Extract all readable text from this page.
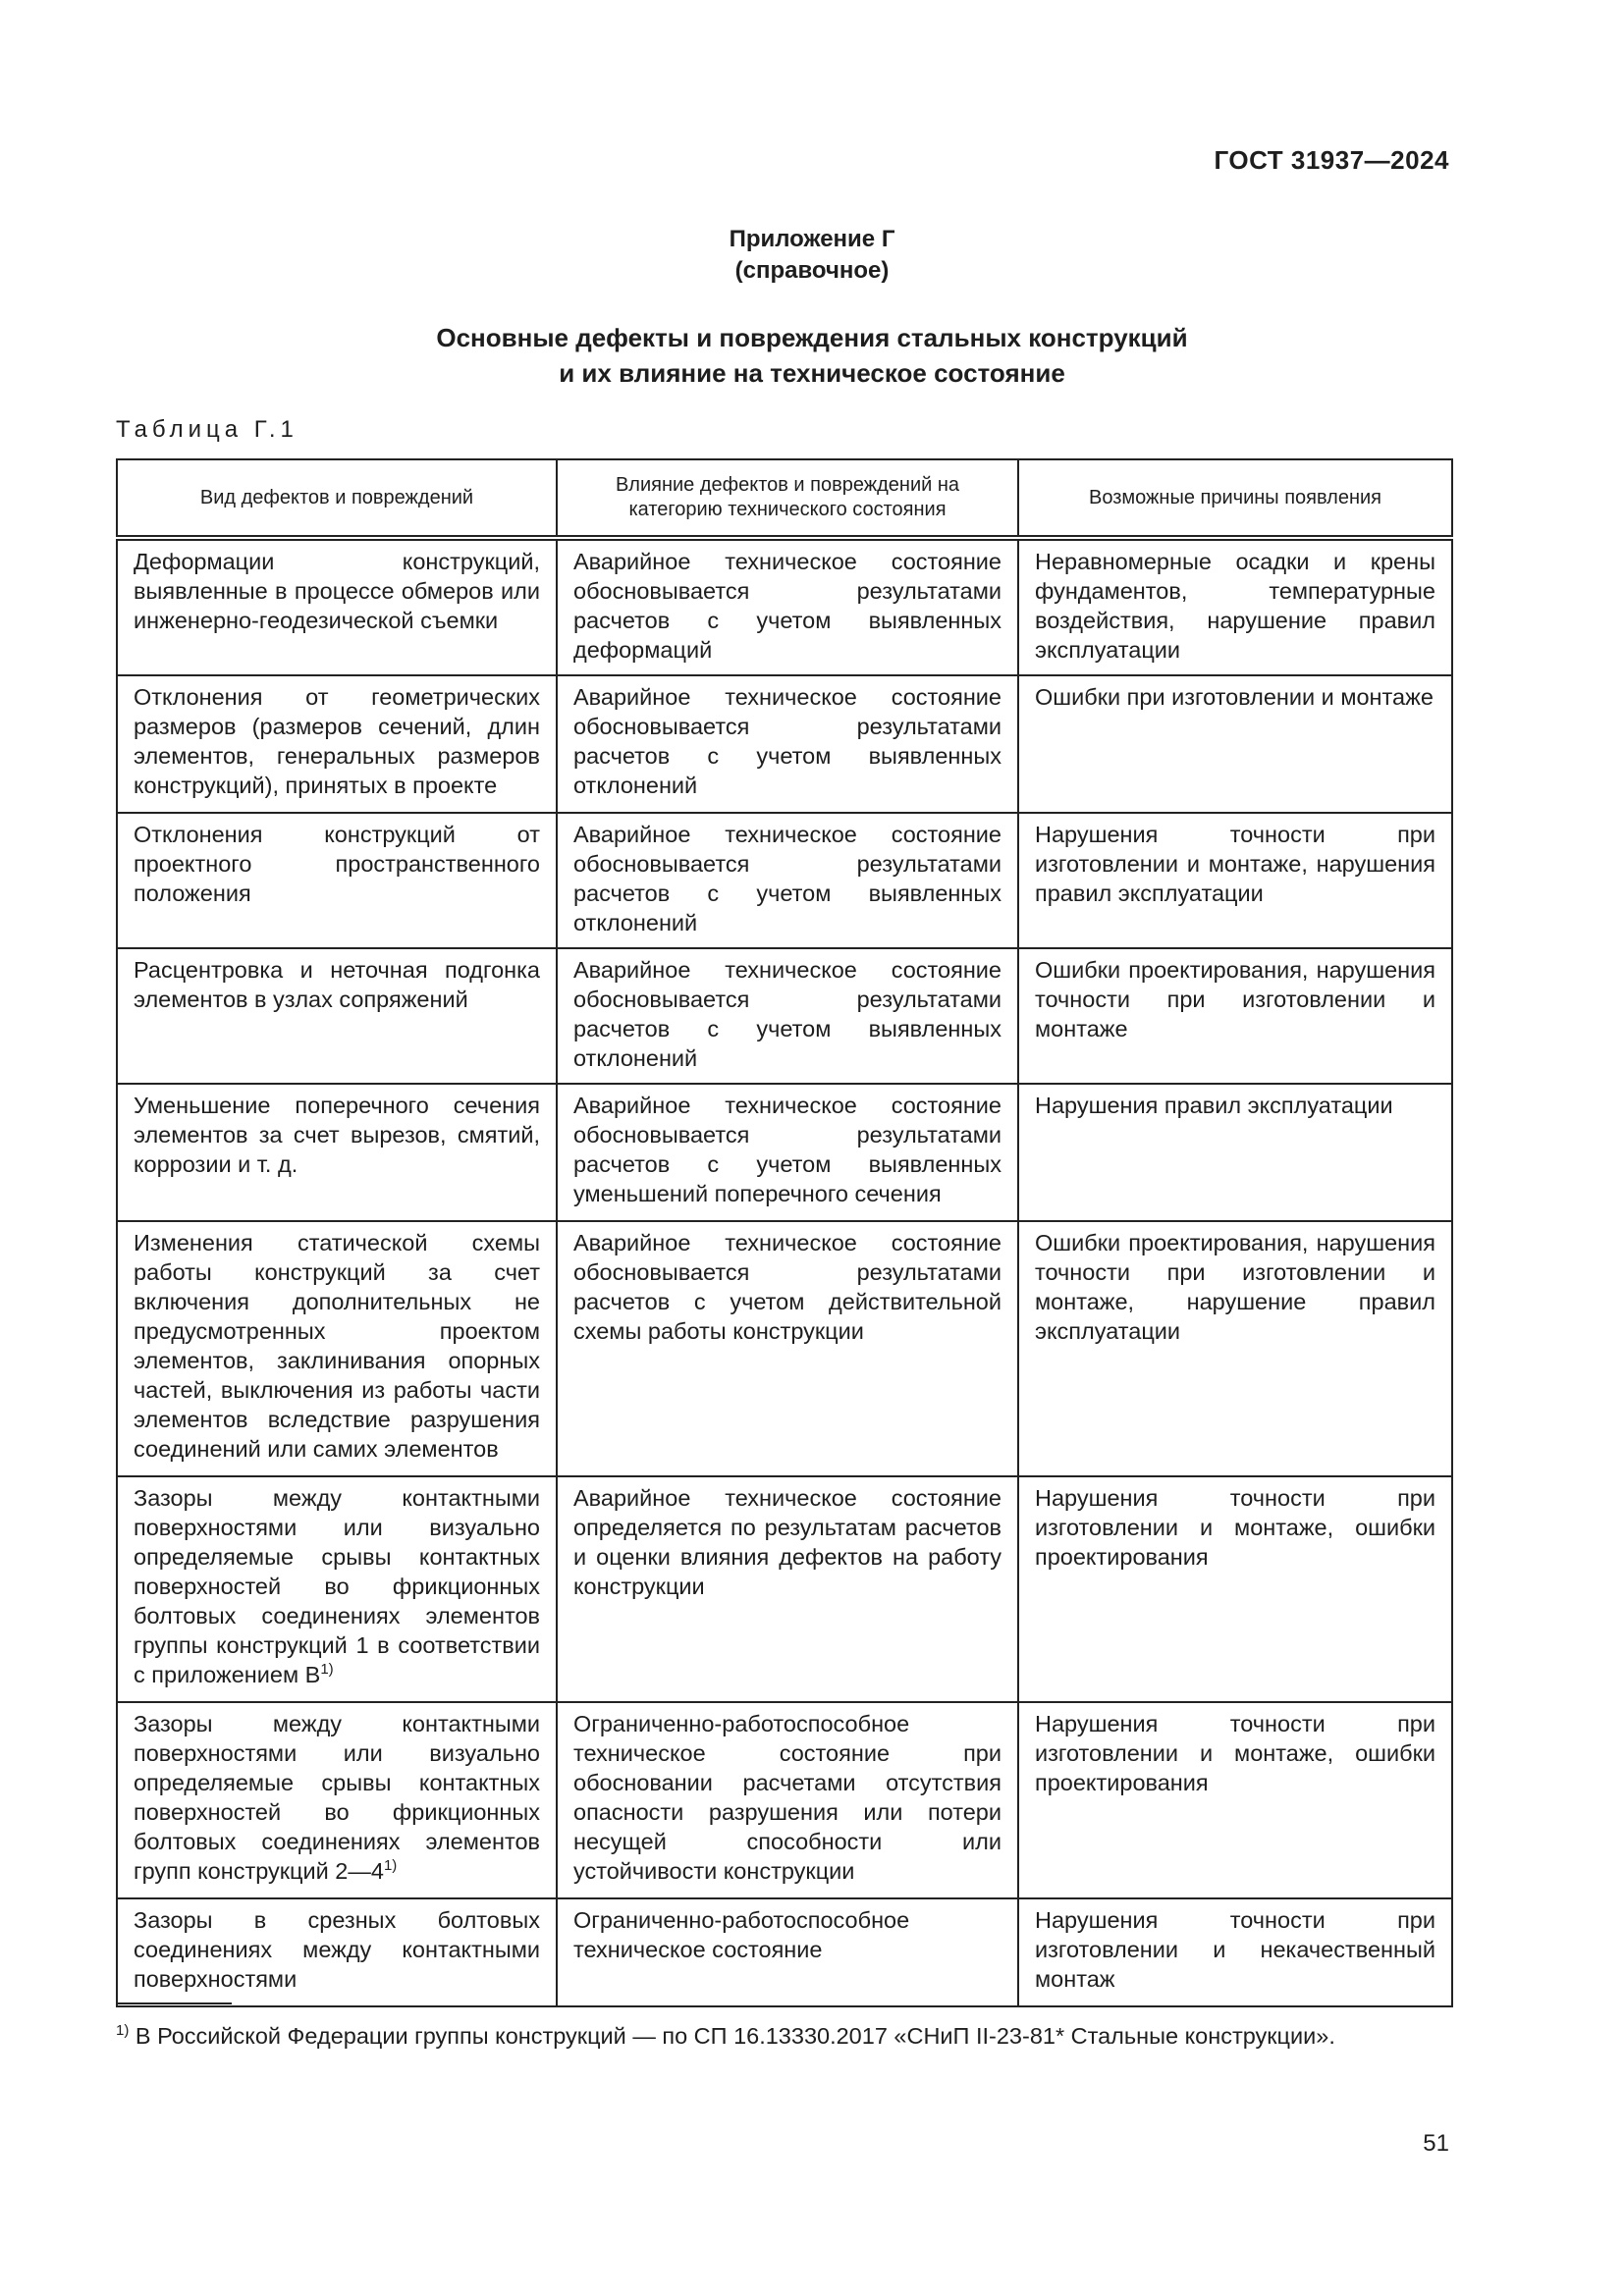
ГОСТ 31937—2024
Приложение Г
(справочное)
Основные дефекты и повреждения стальных конструкций
и их влияние на техническое состояние
Таблица Г.1
Вид дефектов и повреждений	Влияние дефектов и повреждений на категорию технического состояния	Возможные причины появления
Деформации конструкций, выявленные в процессе обмеров или инженерно-геодезической съемки	Аварийное техническое состояние обосновывается результатами расчетов с учетом выявленных деформаций	Неравномерные осадки и крены фундаментов, температурные воздействия, нарушение правил эксплуатации
Отклонения от геометрических размеров (размеров сечений, длин элементов, генеральных размеров конструкций), принятых в проекте	Аварийное техническое состояние обосновывается результатами расчетов с учетом выявленных отклонений	Ошибки при изготовлении и монтаже
Отклонения конструкций от проектного пространственного положения	Аварийное техническое состояние обосновывается результатами расчетов с учетом выявленных отклонений	Нарушения точности при изготовлении и монтаже, нарушения правил эксплуатации
Расцентровка и неточная подгонка элементов в узлах сопряжений	Аварийное техническое состояние обосновывается результатами расчетов с учетом выявленных отклонений	Ошибки проектирования, нарушения точности при изготовлении и монтаже
Уменьшение поперечного сечения элементов за счет вырезов, смятий, коррозии и т. д.	Аварийное техническое состояние обосновывается результатами расчетов с учетом выявленных уменьшений поперечного сечения	Нарушения правил эксплуатации
Изменения статической схемы работы конструкций за счет включения дополнительных не предусмотренных проектом элементов, заклинивания опорных частей, выключения из работы части элементов вследствие разрушения соединений или самих элементов	Аварийное техническое состояние обосновывается результатами расчетов с учетом действительной схемы работы конструкции	Ошибки проектирования, нарушения точности при изготовлении и монтаже, нарушение правил эксплуатации
Зазоры между контактными поверхностями или визуально определяемые срывы контактных поверхностей во фрикционных болтовых соединениях элементов группы конструкций 1 в соответствии с приложением В$^{1)}$	Аварийное техническое состояние определяется по результатам расчетов и оценки влияния дефектов на работу конструкции	Нарушения точности при изготовлении и монтаже, ошибки проектирования
Зазоры между контактными поверхностями или визуально определяемые срывы контактных поверхностей во фрикционных болтовых соединениях элементов групп конструкций 2—4$^{1)}$	Ограниченно-работоспособное техническое состояние при обосновании расчетами отсутствия опасности разрушения или потери несущей способности или устойчивости конструкции	Нарушения точности при изготовлении и монтаже, ошибки проектирования
Зазоры в срезных болтовых соединениях между контактными поверхностями	Ограниченно-работоспособное техническое состояние	Нарушения точности при изготовлении и некачественный монтаж
$^{1)}$ В Российской Федерации группы конструкций — по СП 16.13330.2017 «СНиП II-23-81* Стальные конструкции».
51
